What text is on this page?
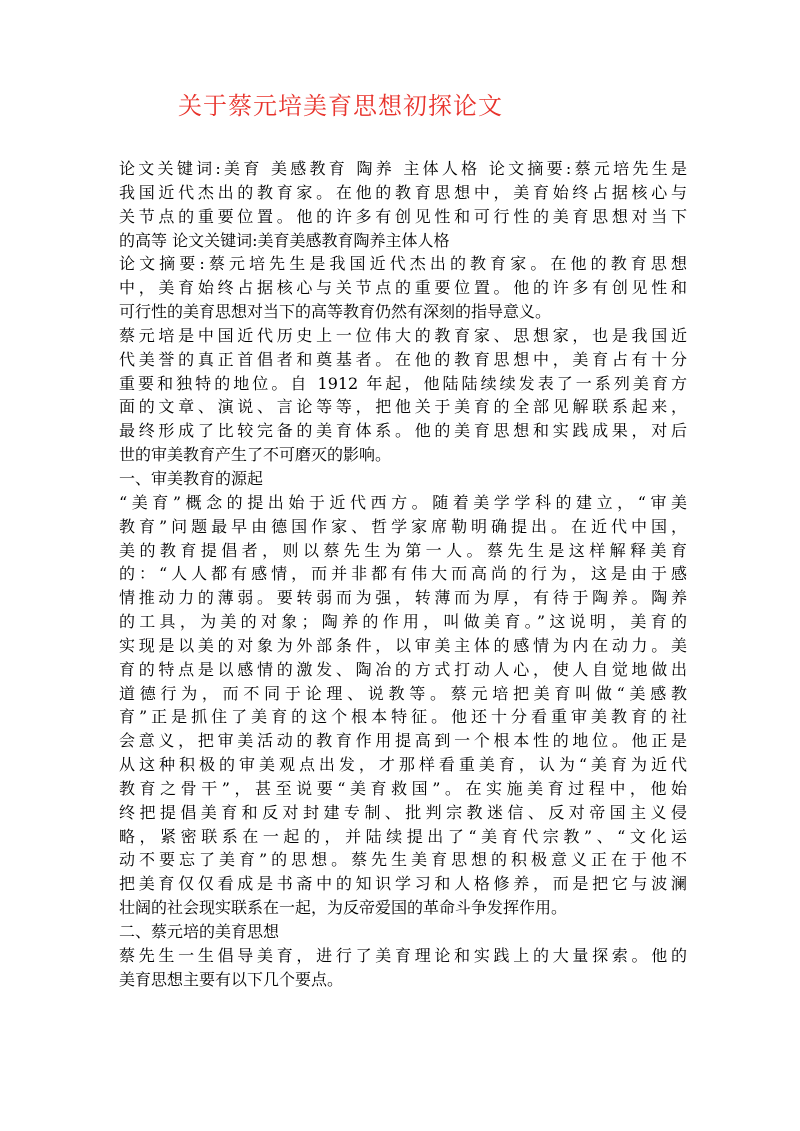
关于蔡元培美育思想初探论文
论文关键词:美育 美感教育 陶养 主体人格 论文摘要:蔡元培先生是
我国近代杰出的教育家。在他的教育思想中，美育始终占据核心与
关节点的重要位置。他的许多有创见性和可行性的美育思想对当下
的高等 论文关键词:美育美感教育陶养主体人格
论文摘要:蔡元培先生是我国近代杰出的教育家。在他的教育思想
中，美育始终占据核心与关节点的重要位置。他的许多有创见性和
可行性的美育思想对当下的高等教育仍然有深刻的指导意义。
蔡元培是中国近代历史上一位伟大的教育家、思想家，也是我国近
代美誉的真正首倡者和奠基者。在他的教育思想中，美育占有十分
重要和独特的地位。自 1912 年起，他陆陆续续发表了一系列美育方
面的文章、演说、言论等等，把他关于美育的全部见解联系起来，
最终形成了比较完备的美育体系。他的美育思想和实践成果，对后
世的审美教育产生了不可磨灭的影响。
一、审美教育的源起
“美育”概念的提出始于近代西方。随着美学学科的建立，“审美
教育”问题最早由德国作家、哲学家席勒明确提出。在近代中国，
美的教育提倡者，则以蔡先生为第一人。蔡先生是这样解释美育
的：“人人都有感情，而并非都有伟大而高尚的行为，这是由于感
情推动力的薄弱。要转弱而为强，转薄而为厚，有待于陶养。陶养
的工具，为美的对象；陶养的作用，叫做美育。”这说明，美育的
实现是以美的对象为外部条件，以审美主体的感情为内在动力。美
育的特点是以感情的激发、陶冶的方式打动人心，使人自觉地做出
道德行为，而不同于论理、说教等。蔡元培把美育叫做“美感教
育”正是抓住了美育的这个根本特征。他还十分看重审美教育的社
会意义，把审美活动的教育作用提高到一个根本性的地位。他正是
从这种积极的审美观点出发，才那样看重美育，认为“美育为近代
教育之骨干”，甚至说要“美育救国”。在实施美育过程中，他始
终把提倡美育和反对封建专制、批判宗教迷信、反对帝国主义侵
略，紧密联系在一起的，并陆续提出了“美育代宗教”、“文化运
动不要忘了美育”的思想。蔡先生美育思想的积极意义正在于他不
把美育仅仅看成是书斋中的知识学习和人格修养，而是把它与波澜
壮阔的社会现实联系在一起，为反帝爱国的革命斗争发挥作用。
二、蔡元培的美育思想
蔡先生一生倡导美育，进行了美育理论和实践上的大量探索。他的
美育思想主要有以下几个要点。
